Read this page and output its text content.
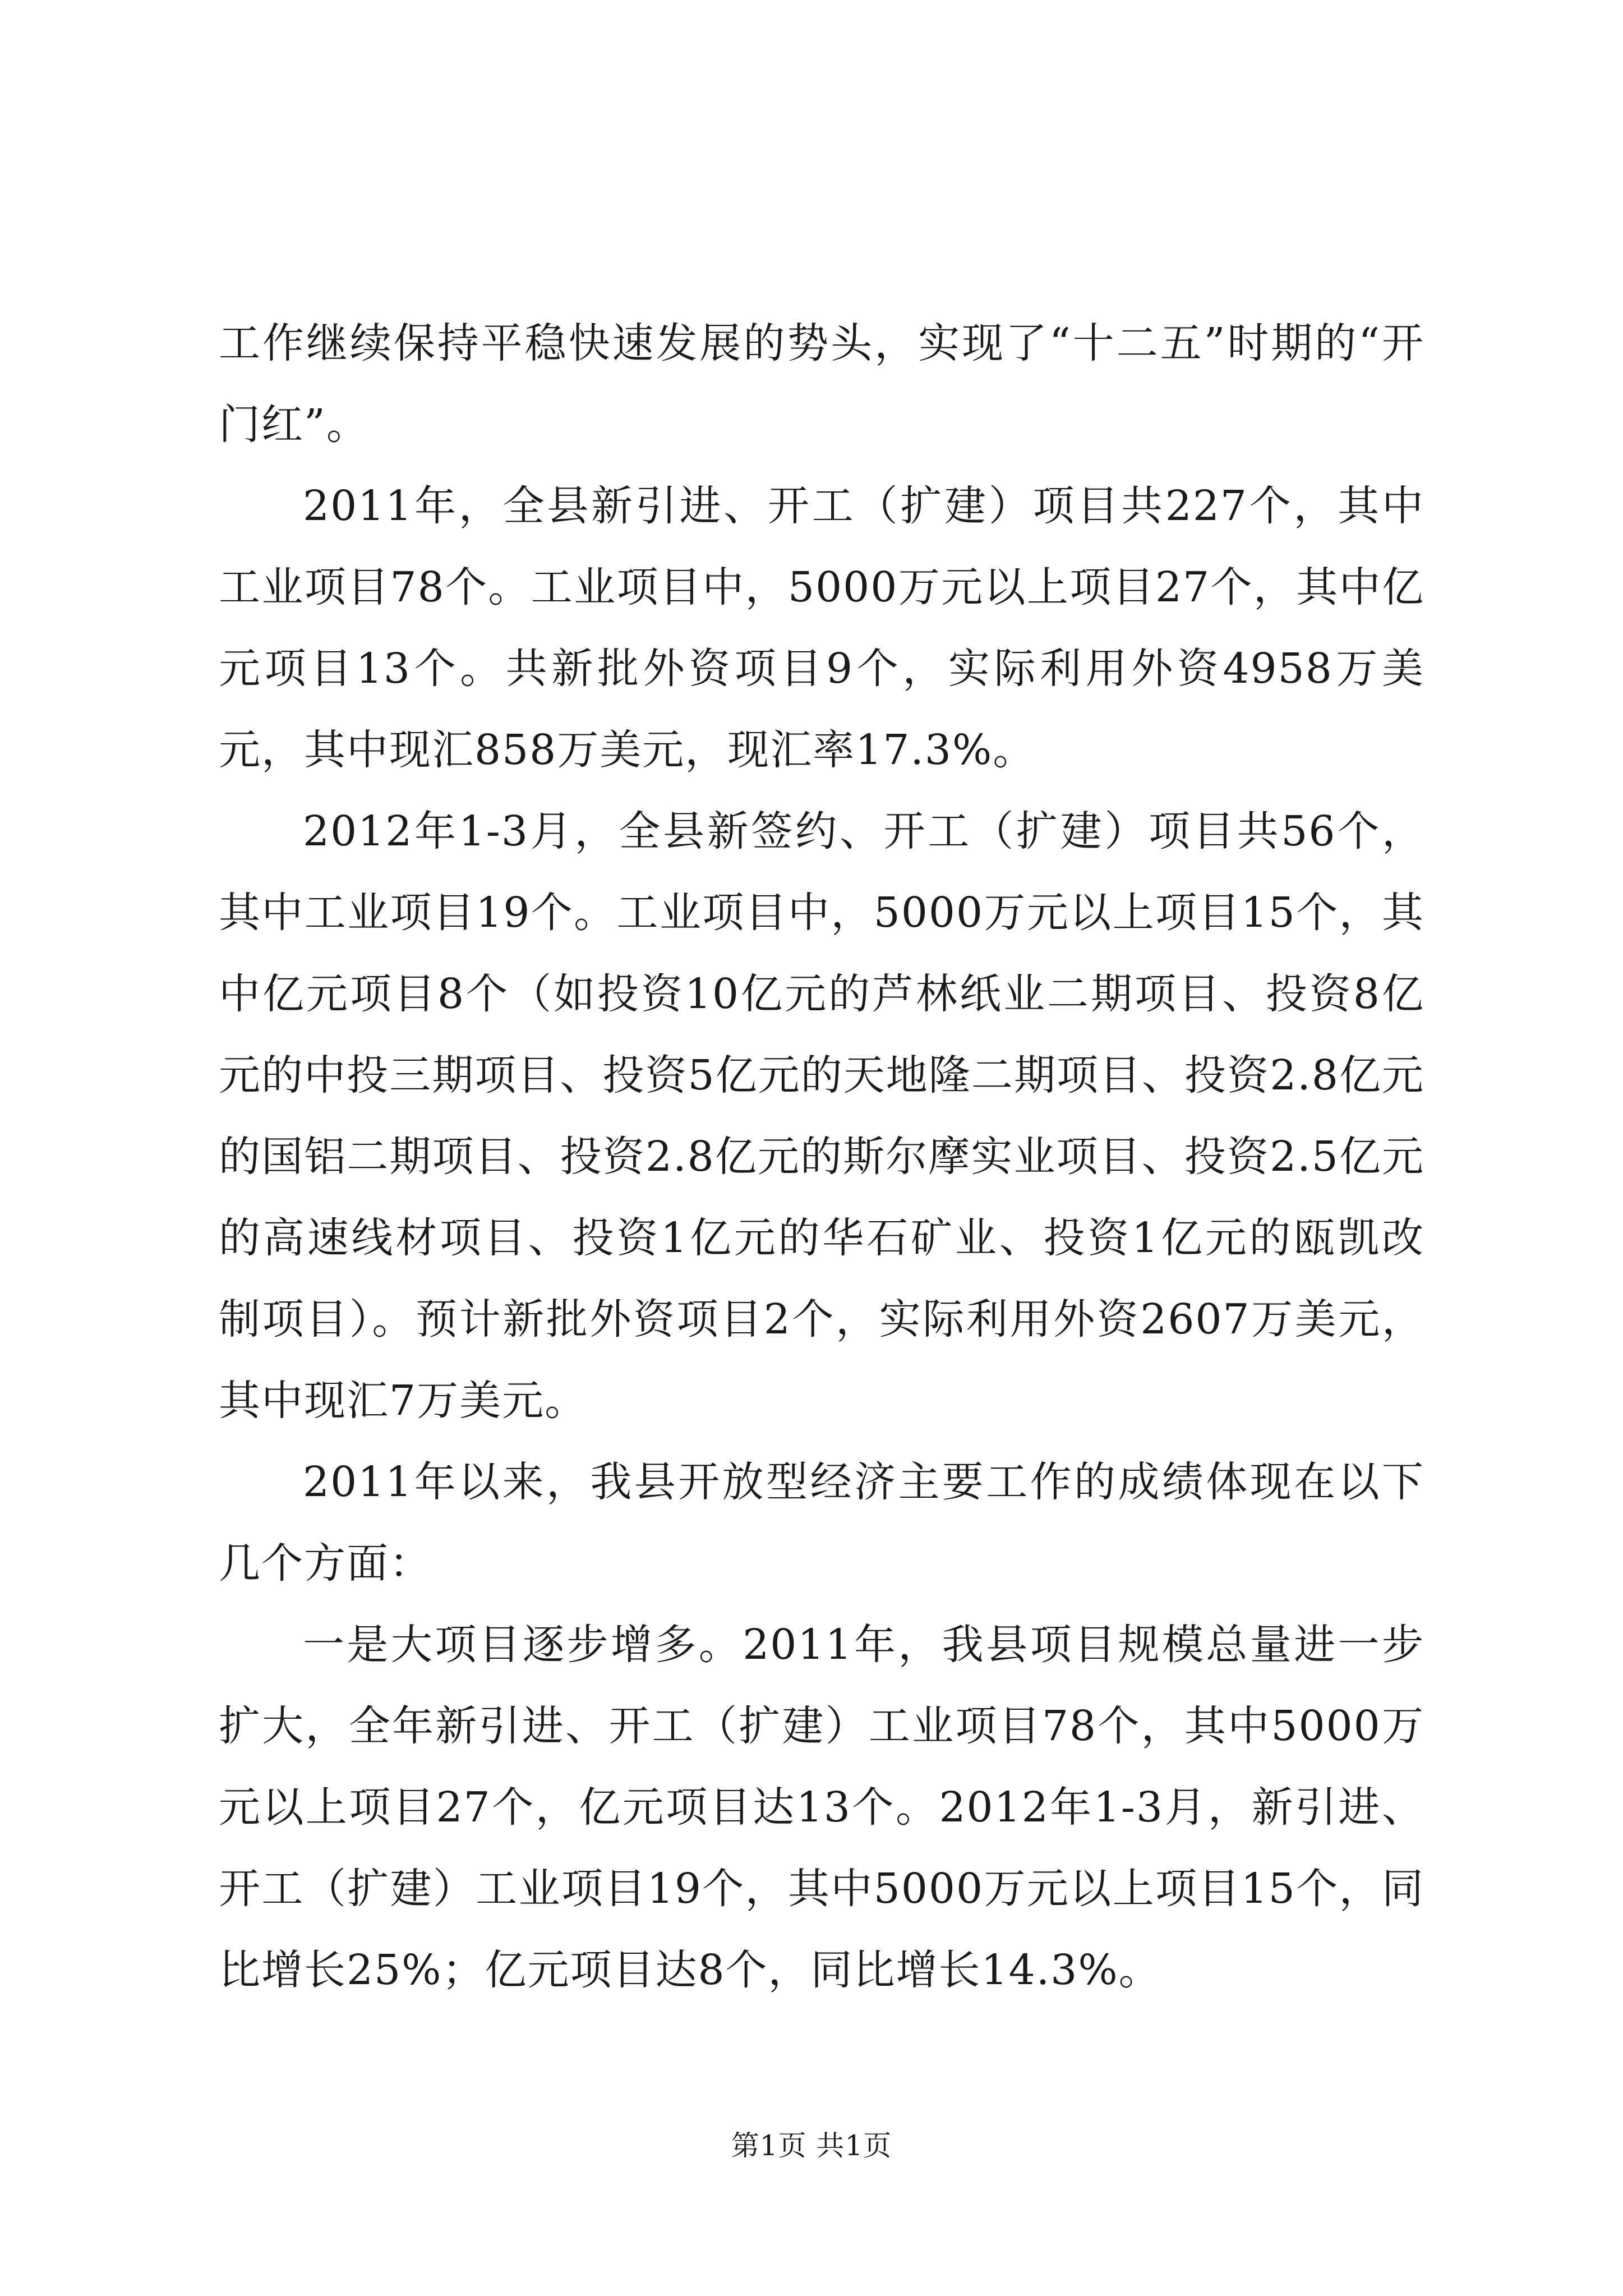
工作继续保持平稳快速发展的势头，实现了“十二五”时期的“开门红”。

2011年，全县新引进、开工（扩建）项目共227个，其中工业项目78个。工业项目中，5000万元以上项目27个，其中亿元项目13个。共新批外资项目9个，实际利用外资4958万美元，其中现汇858万美元，现汇率17.3%。

2012年1-3月，全县新签约、开工（扩建）项目共56个，其中工业项目19个。工业项目中，5000万元以上项目15个，其中亿元项目8个（如投资10亿元的芦林纸业二期项目、投资8亿元的中投三期项目、投资5亿元的天地隆二期项目、投资2.8亿元的国铝二期项目、投资2.8亿元的斯尔摩实业项目、投资2.5亿元的高速线材项目、投资1亿元的华石矿业、投资1亿元的瓯凯改制项目）。预计新批外资项目2个，实际利用外资2607万美元，其中现汇7万美元。

2011年以来，我县开放型经济主要工作的成绩体现在以下几个方面：

一是大项目逐步增多。2011年，我县项目规模总量进一步扩大，全年新引进、开工（扩建）工业项目78个，其中5000万元以上项目27个，亿元项目达13个。2012年1-3月，新引进、开工（扩建）工业项目19个，其中5000万元以上项目15个，同比增长25%；亿元项目达8个，同比增长14.3%。

第1页 共1页
